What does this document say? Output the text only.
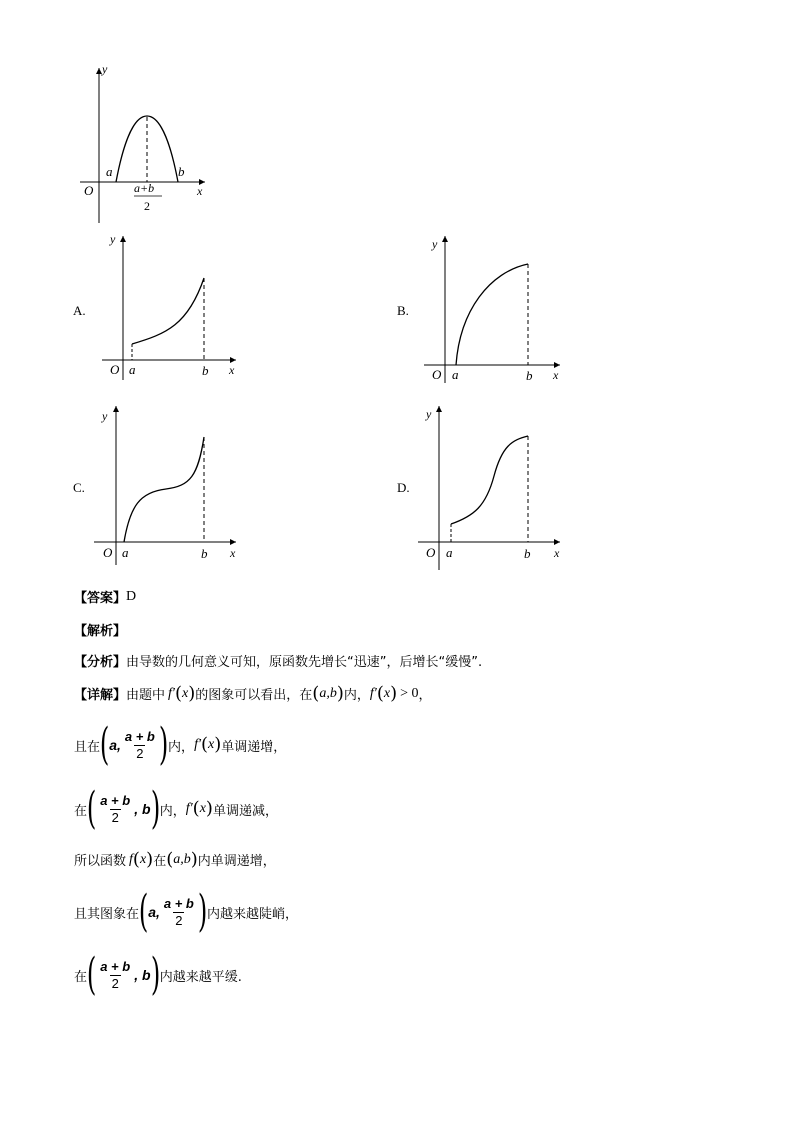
y
x
O
a	b
a+b
2
A.
y
x
O a	b
B.
y
x
O a	b
C.
y
x
O a	b
D.
y
x
O a	b
【答案】 D
【解析】
【分析】 由导数的几何意义可知，原函数先增长“迅速”，后增长“缓慢”.
【详解】 由题中 f′ ( x ) 的图象可以看出，在 ( a,b ) 内， f′ ( x ) > 0 ，
且在 ( a, $\frac{a + b}{2}$ ) 内， f′ ( x ) 单调递增，
在 ( $\frac{a + b}{2}$ , b ) 内， f′ ( x ) 单调递减，
所以函数 f ( x ) 在 ( a,b ) 内单调递增，
且其图象在 ( a, $\frac{a + b}{2}$ ) 内越来越陡峭，
在 ( $\frac{a + b}{2}$ , b ) 内越来越平缓.
